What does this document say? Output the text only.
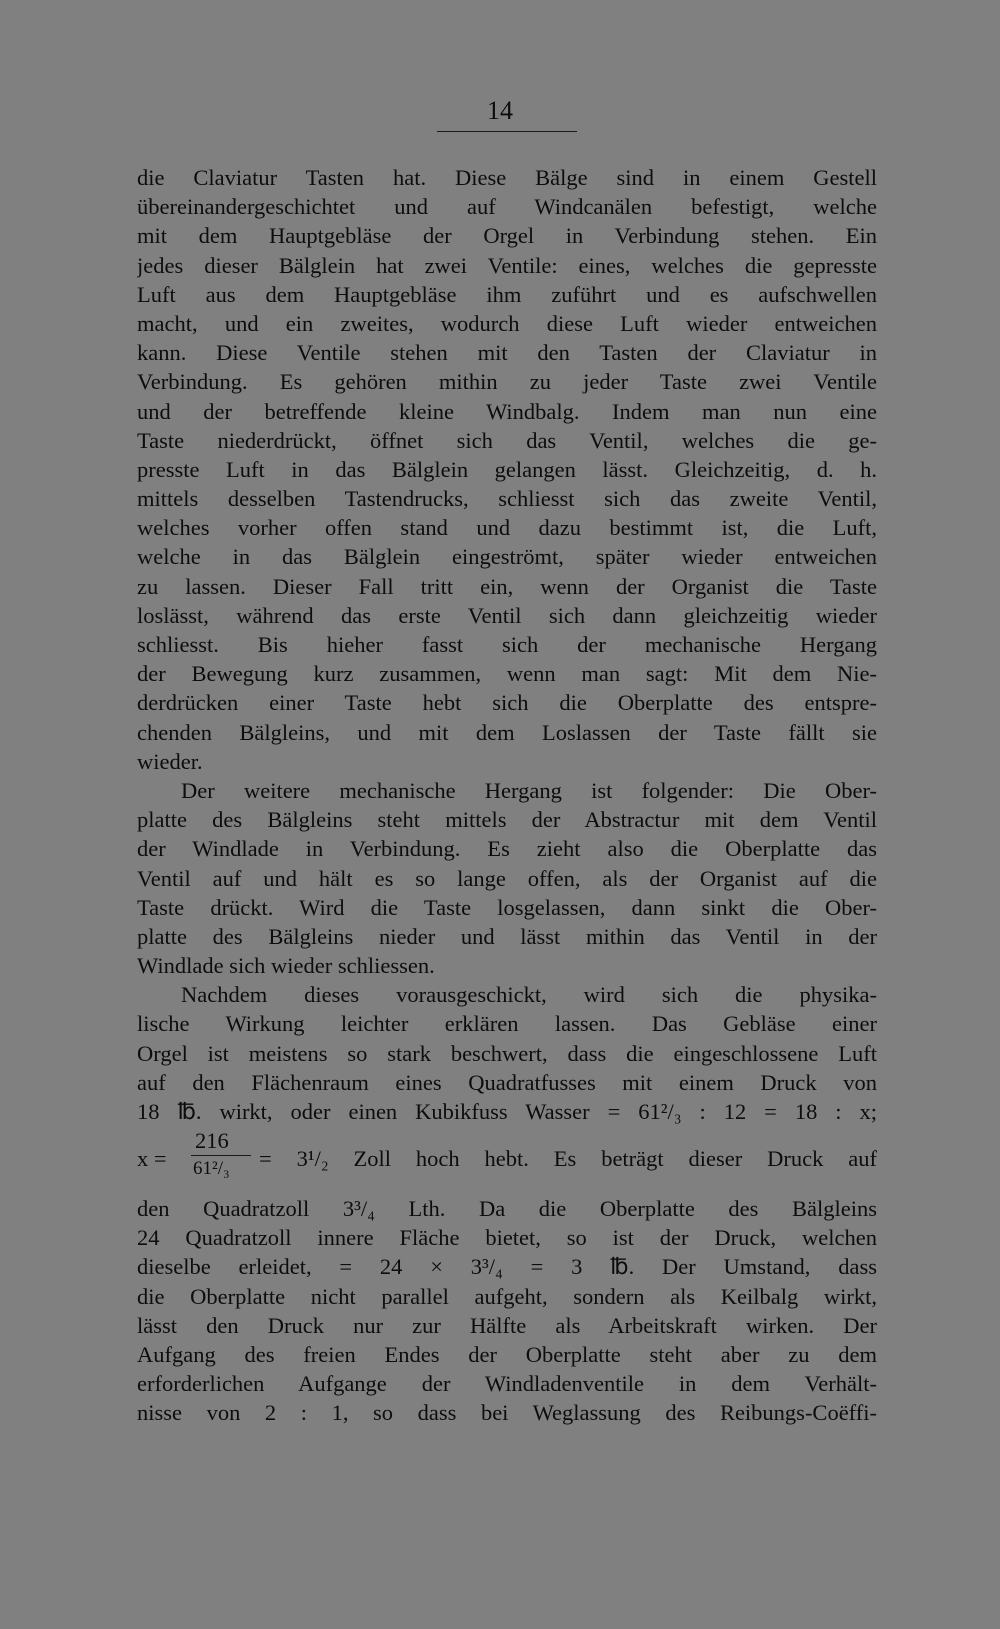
14
die Claviatur Tasten hat. Diese Bälge sind in einem Gestell
übereinandergeschichtet und auf Windcanälen befestigt, welche
mit dem Hauptgebläse der Orgel in Verbindung stehen. Ein
jedes dieser Bälglein hat zwei Ventile: eines, welches die gepresste
Luft aus dem Hauptgebläse ihm zuführt und es aufschwellen
macht, und ein zweites, wodurch diese Luft wieder entweichen
kann. Diese Ventile stehen mit den Tasten der Claviatur in
Verbindung. Es gehören mithin zu jeder Taste zwei Ventile
und der betreffende kleine Windbalg. Indem man nun eine
Taste niederdrückt, öffnet sich das Ventil, welches die ge-
presste Luft in das Bälglein gelangen lässt. Gleichzeitig, d. h.
mittels desselben Tastendrucks, schliesst sich das zweite Ventil,
welches vorher offen stand und dazu bestimmt ist, die Luft,
welche in das Bälglein eingeströmt, später wieder entweichen
zu lassen. Dieser Fall tritt ein, wenn der Organist die Taste
loslässt, während das erste Ventil sich dann gleichzeitig wieder
schliesst. Bis hieher fasst sich der mechanische Hergang
der Bewegung kurz zusammen, wenn man sagt: Mit dem Nie-
derdrücken einer Taste hebt sich die Oberplatte des entspre-
chenden Bälgleins, und mit dem Loslassen der Taste fällt sie
wieder.
Der weitere mechanische Hergang ist folgender: Die Ober-
platte des Bälgleins steht mittels der Abstractur mit dem Ventil
der Windlade in Verbindung. Es zieht also die Oberplatte das
Ventil auf und hält es so lange offen, als der Organist auf die
Taste drückt. Wird die Taste losgelassen, dann sinkt die Ober-
platte des Bälgleins nieder und lässt mithin das Ventil in der
Windlade sich wieder schliessen.
Nachdem dieses vorausgeschickt, wird sich die physika-
lische Wirkung leichter erklären lassen. Das Gebläse einer
Orgel ist meistens so stark beschwert, dass die eingeschlossene Luft
auf den Flächenraum eines Quadratfusses mit einem Druck von
18 ℔. wirkt, oder einen Kubikfuss Wasser = 61²/₃ : 12 = 18 : x;
x =
216
61²/₃ = 3¹/₂ Zoll hoch hebt. Es beträgt dieser Druck auf
den Quadratzoll 3³/₄ Lth. Da die Oberplatte des Bälgleins
24 Quadratzoll innere Fläche bietet, so ist der Druck, welchen
dieselbe erleidet, = 24 × 3³/₄ = 3 ℔. Der Umstand, dass
die Oberplatte nicht parallel aufgeht, sondern als Keilbalg wirkt,
lässt den Druck nur zur Hälfte als Arbeitskraft wirken. Der
Aufgang des freien Endes der Oberplatte steht aber zu dem
erforderlichen Aufgange der Windladenventile in dem Verhält-
nisse von 2 : 1, so dass bei Weglassung des Reibungs-Coëffi-
